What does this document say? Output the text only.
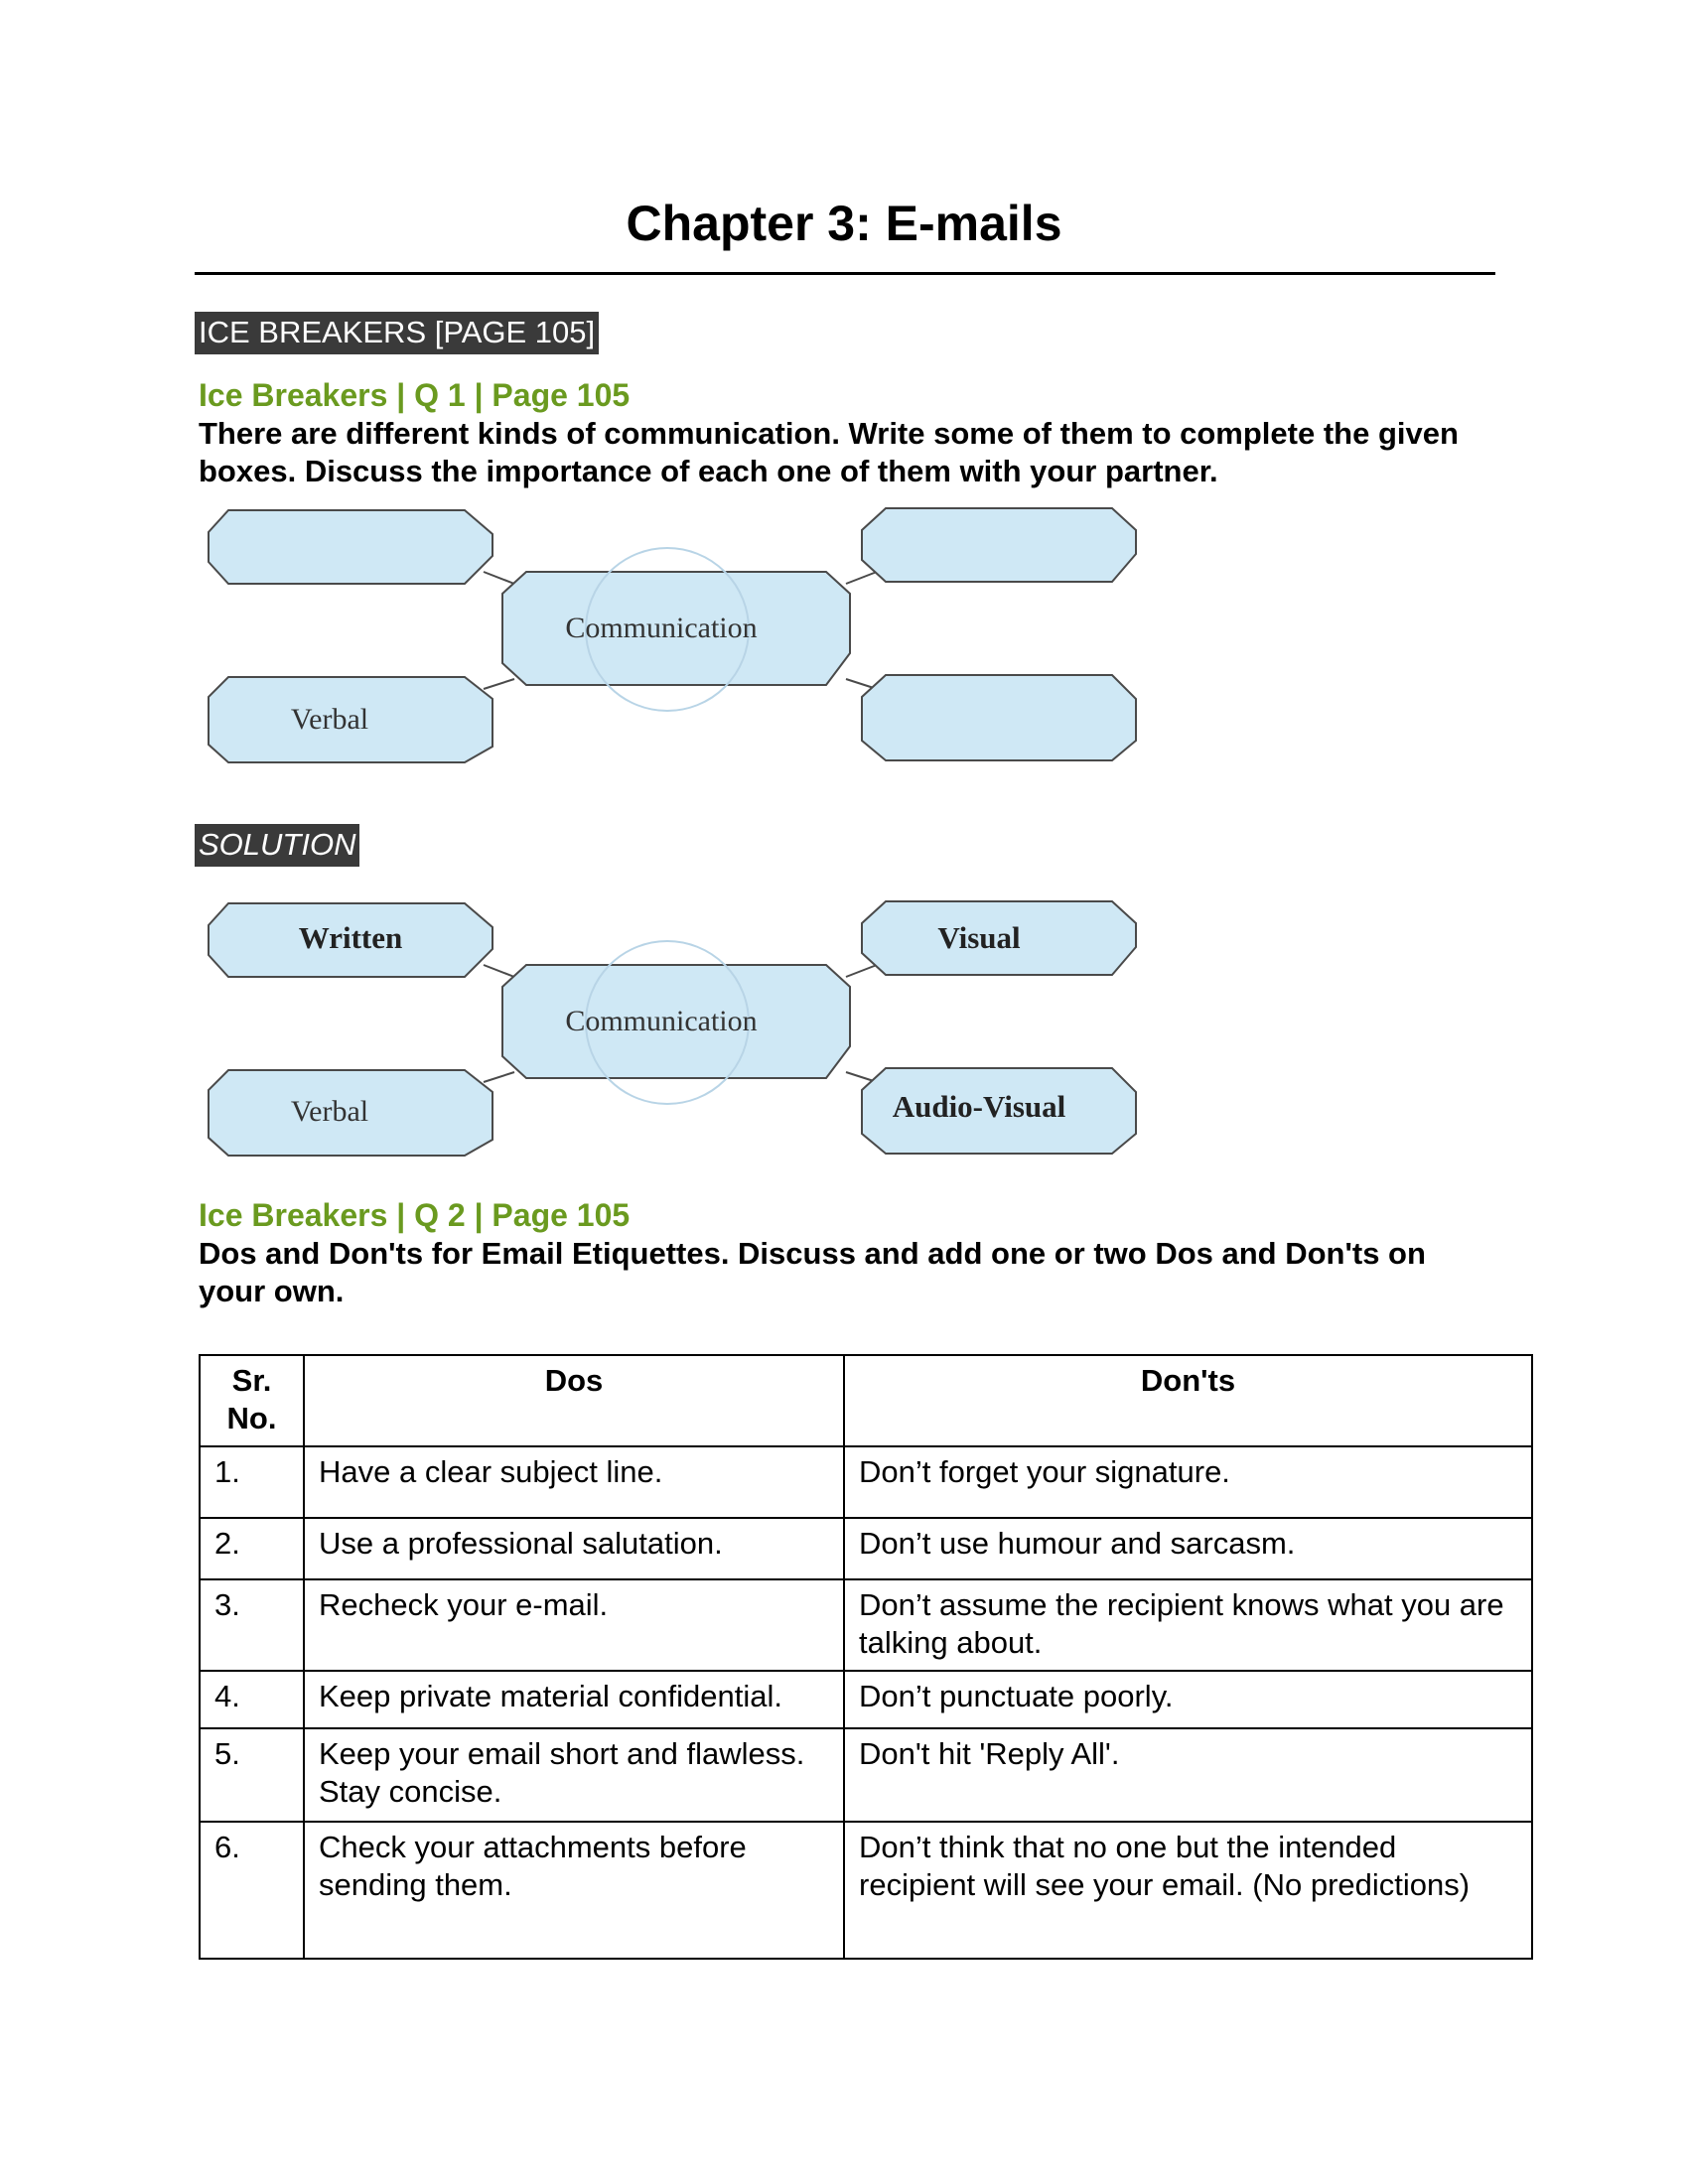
Chapter 3: E-mails
ICE BREAKERS [PAGE 105]
Ice Breakers | Q 1 | Page 105

There are different kinds of communication. Write some of them to complete the given boxes. Discuss the importance of each one of them with your partner.

Communication
Verbal
SOLUTION
Communication
Written	Visual
Verbal	Audio-Visual
Ice Breakers | Q 2 | Page 105

Dos and Don'ts for Email Etiquettes. Discuss and add one or two Dos and Don'ts on your own.

Sr. No.	Dos	Don'ts
1.	Have a clear subject line.	Don’t forget your signature.
2.	Use a professional salutation.	Don’t use humour and sarcasm.
3.	Recheck your e-mail.	Don’t assume the recipient knows what you are talking about.
4.	Keep private material confidential.	Don’t punctuate poorly.
5.	Keep your email short and flawless. Stay concise.	Don't hit 'Reply All'.
6.	Check your attachments before sending them.	Don’t think that no one but the intended recipient will see your email. (No predictions)
